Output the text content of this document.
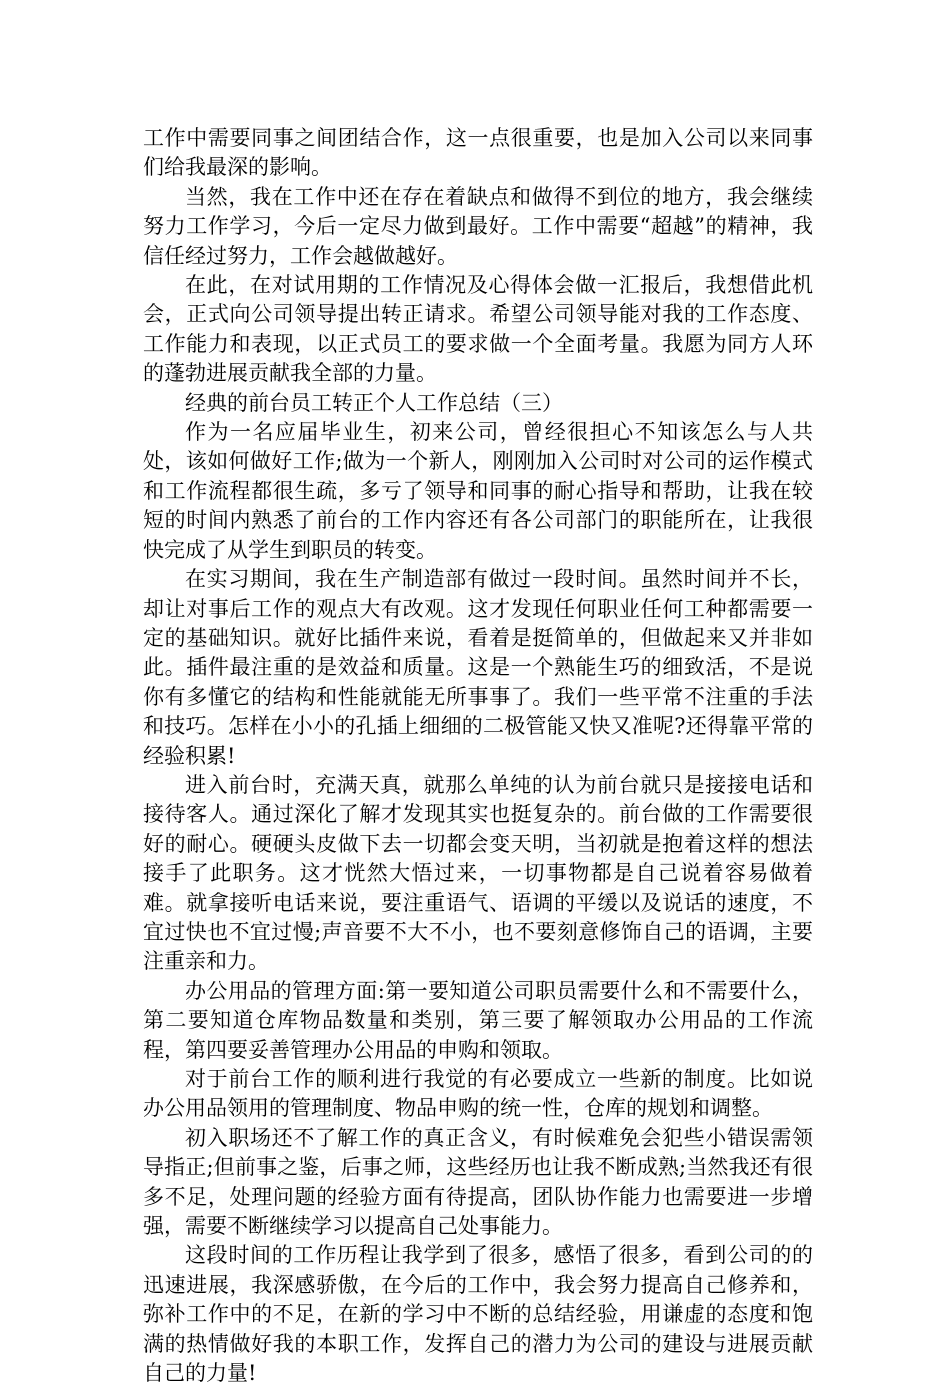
工作中需要同事之间团结合作，这一点很重要，也是加入公司以来同事们给我最深的影响。

当然，我在工作中还在存在着缺点和做得不到位的地方，我会继续努力工作学习，今后一定尽力做到最好。工作中需要“超越”的精神，我信任经过努力，工作会越做越好。

在此，在对试用期的工作情况及心得体会做一汇报后，我想借此机会，正式向公司领导提出转正请求。希望公司领导能对我的工作态度、工作能力和表现，以正式员工的要求做一个全面考量。我愿为同方人环的蓬勃进展贡献我全部的力量。

经典的前台员工转正个人工作总结（三）

作为一名应届毕业生，初来公司，曾经很担心不知该怎么与人共处，该如何做好工作;做为一个新人，刚刚加入公司时对公司的运作模式和工作流程都很生疏，多亏了领导和同事的耐心指导和帮助，让我在较短的时间内熟悉了前台的工作内容还有各公司部门的职能所在，让我很快完成了从学生到职员的转变。

在实习期间，我在生产制造部有做过一段时间。虽然时间并不长，却让对事后工作的观点大有改观。这才发现任何职业任何工种都需要一定的基础知识。就好比插件来说，看着是挺简单的，但做起来又并非如此。插件最注重的是效益和质量。这是一个熟能生巧的细致活，不是说你有多懂它的结构和性能就能无所事事了。我们一些平常不注重的手法和技巧。怎样在小小的孔插上细细的二极管能又快又准呢?还得靠平常的经验积累!

进入前台时，充满天真，就那么单纯的认为前台就只是接接电话和接待客人。通过深化了解才发现其实也挺复杂的。前台做的工作需要很好的耐心。硬硬头皮做下去一切都会变天明，当初就是抱着这样的想法接手了此职务。这才恍然大悟过来，一切事物都是自己说着容易做着难。就拿接听电话来说，要注重语气、语调的平缓以及说话的速度，不宜过快也不宜过慢;声音要不大不小，也不要刻意修饰自己的语调，主要注重亲和力。

办公用品的管理方面:第一要知道公司职员需要什么和不需要什么，第二要知道仓库物品数量和类别，第三要了解领取办公用品的工作流程，第四要妥善管理办公用品的申购和领取。

对于前台工作的顺利进行我觉的有必要成立一些新的制度。比如说办公用品领用的管理制度、物品申购的统一性，仓库的规划和调整。

初入职场还不了解工作的真正含义，有时候难免会犯些小错误需领导指正;但前事之鉴，后事之师，这些经历也让我不断成熟;当然我还有很多不足，处理问题的经验方面有待提高，团队协作能力也需要进一步增强，需要不断继续学习以提高自己处事能力。

这段时间的工作历程让我学到了很多，感悟了很多，看到公司的的迅速进展，我深感骄傲，在今后的工作中，我会努力提高自己修养和，弥补工作中的不足，在新的学习中不断的总结经验，用谦虚的态度和饱满的热情做好我的本职工作，发挥自己的潜力为公司的建设与进展贡献自己的力量!
